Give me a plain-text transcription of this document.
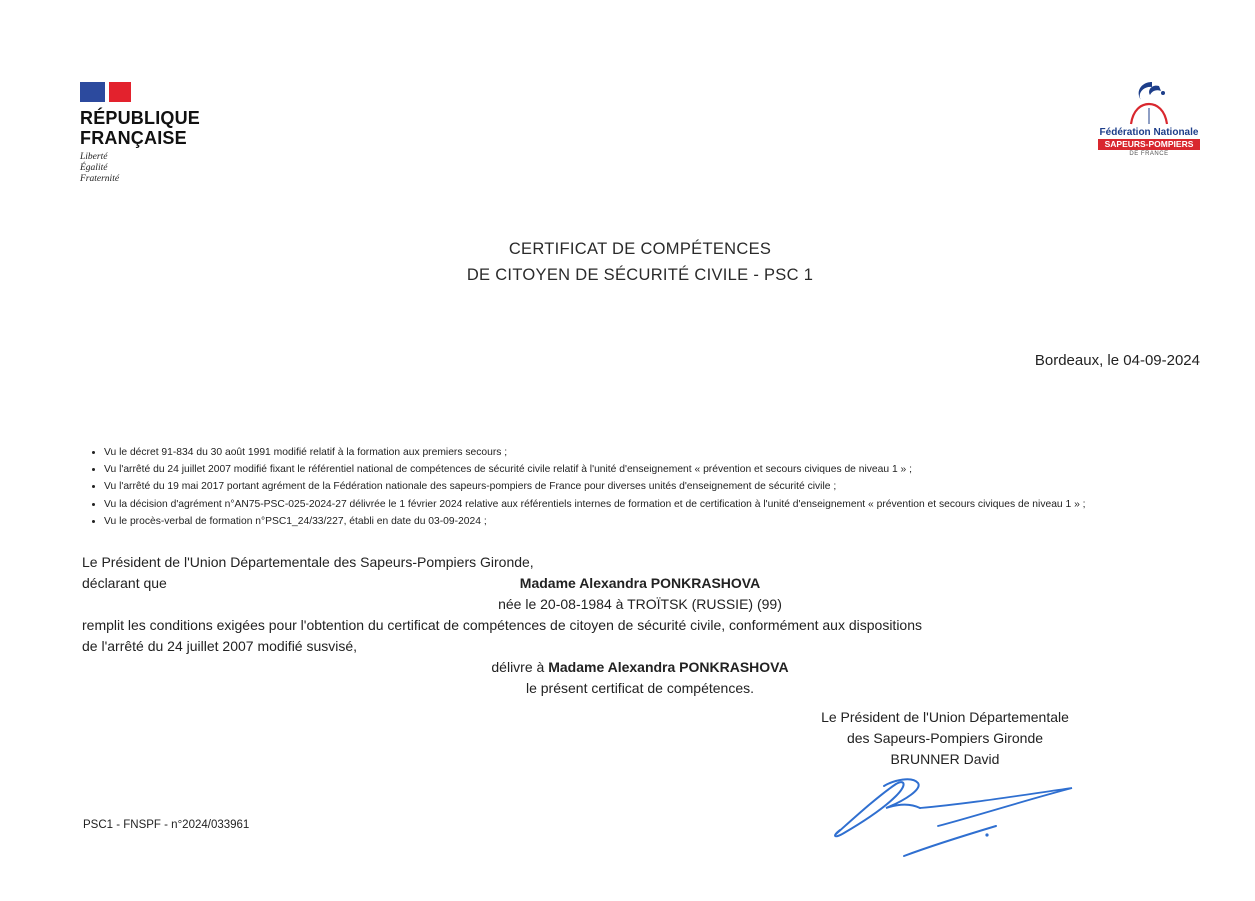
RÉPUBLIQUE
FRANÇAISE
Liberté
Égalité
Fraternité
Fédération Nationale
SAPEURS-POMPIERS
DE FRANCE
CERTIFICAT DE COMPÉTENCES
DE CITOYEN DE SÉCURITÉ CIVILE - PSC 1
Bordeaux, le 04-09-2024
• Vu le décret 91-834 du 30 août 1991 modifié relatif à la formation aux premiers secours ;
• Vu l'arrêté du 24 juillet 2007 modifié fixant le référentiel national de compétences de sécurité civile relatif à l'unité d'enseignement « prévention et secours civiques de niveau 1 » ;
• Vu l'arrêté du 19 mai 2017 portant agrément de la Fédération nationale des sapeurs-pompiers de France pour diverses unités d'enseignement de sécurité civile ;
• Vu la décision d'agrément n°AN75-PSC-025-2024-27 délivrée le 1 février 2024 relative aux référentiels internes de formation et de certification à l'unité d'enseignement « prévention et secours civiques de niveau 1 » ;
• Vu le procès-verbal de formation n°PSC1_24/33/227, établi en date du 03-09-2024 ;
Le Président de l'Union Départementale des Sapeurs-Pompiers Gironde,
déclarant que	Madame Alexandra PONKRASHOVA
née le 20-08-1984 à TROÏTSK (RUSSIE) (99)
remplit les conditions exigées pour l'obtention du certificat de compétences de citoyen de sécurité civile, conformément aux dispositions
de l'arrêté du 24 juillet 2007 modifié susvisé,
délivre à Madame Alexandra PONKRASHOVA
le présent certificat de compétences.
Le Président de l'Union Départementale
des Sapeurs-Pompiers Gironde
BRUNNER David
PSC1 - FNSPF - n°2024/033961
